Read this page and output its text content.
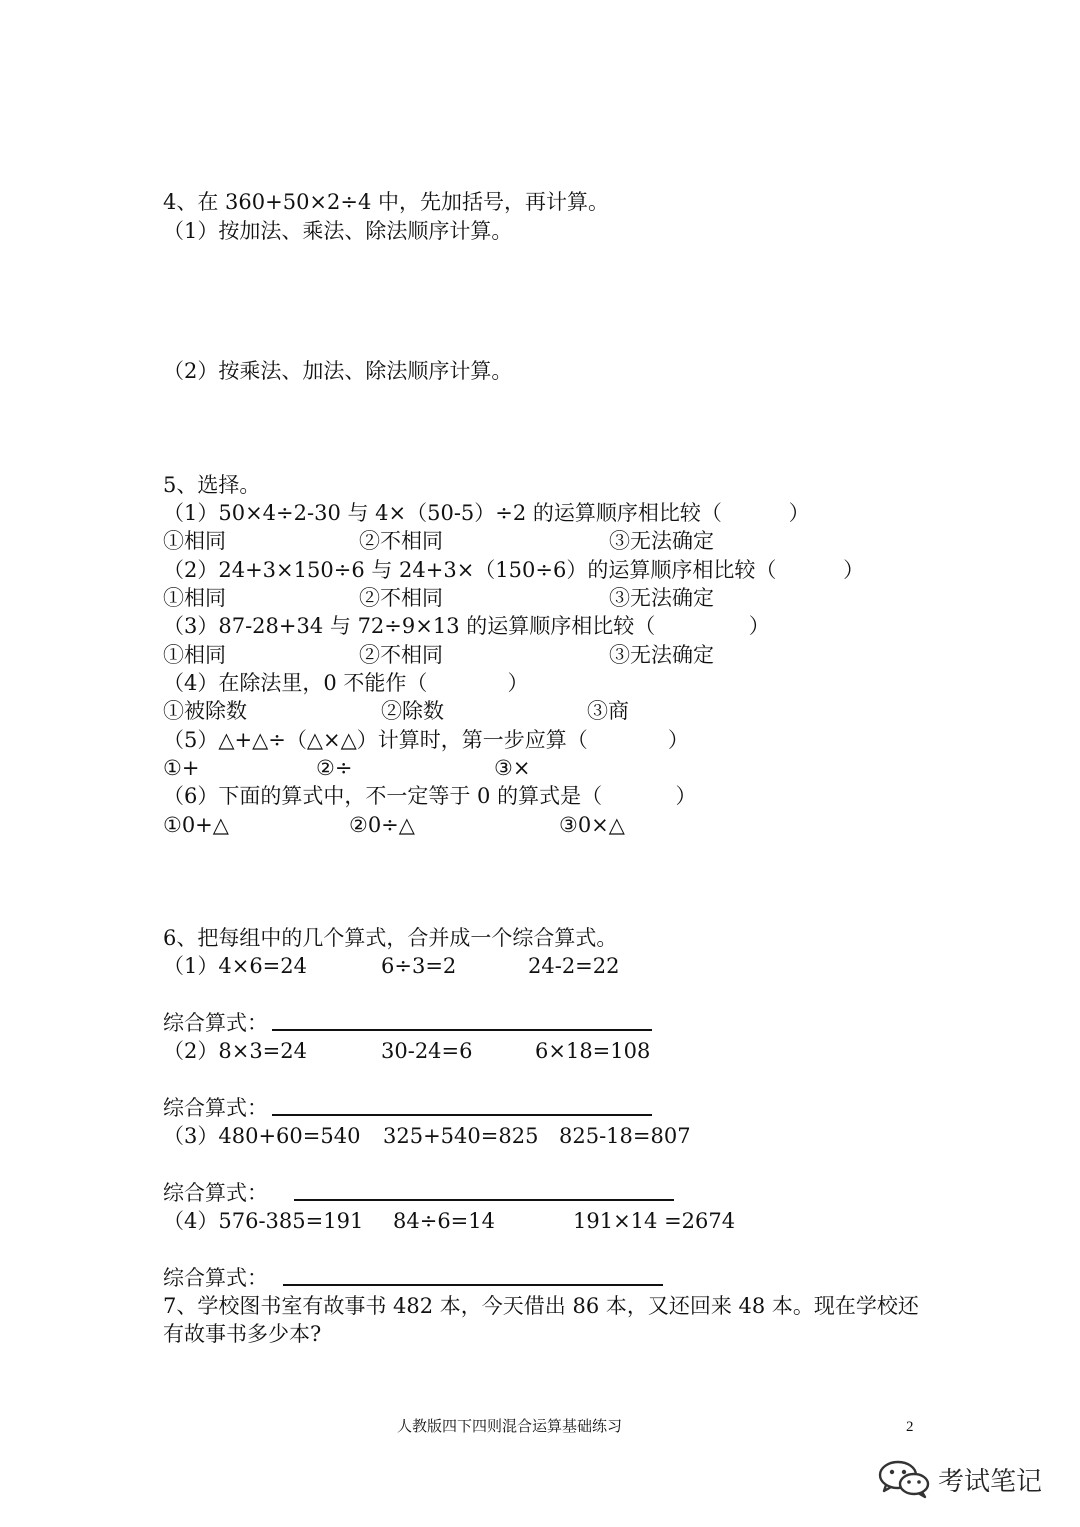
4、在 360+50×2÷4 中，先加括号，再计算。
（1）按加法、乘法、除法顺序计算。
（2）按乘法、加法、除法顺序计算。
5、选择。
（1）50×4÷2-30 与 4×（50-5）÷2 的运算顺序相比较（          ）
①相同	②不相同	③无法确定
（2）24+3×150÷6 与 24+3×（150÷6）的运算顺序相比较（          ）
①相同	②不相同	③无法确定
（3）87-28+34 与 72÷9×13 的运算顺序相比较（              ）
①相同	②不相同	③无法确定
（4）在除法里，0 不能作（            ）
①被除数	②除数	③商
（5）△+△÷（△×△）计算时，第一步应算（            ）
①+	②÷	③×
（6）下面的算式中，不一定等于 0 的算式是（           ）
①0+△	②0÷△	③0×△
6、把每组中的几个算式，合并成一个综合算式。
（1）4×6=24	6÷3=2	24-2=22
综合算式：
（2）8×3=24	30-24=6	6×18=108
综合算式：
（3）480+60=540 325+540=825 825-18=807
综合算式：
（4）576-385=191 84÷6=14	191×14 =2674
综合算式：
7、学校图书室有故事书 482 本，今天借出 86 本，又还回来 48 本。现在学校还
有故事书多少本?
人教版四下四则混合运算基础练习	2
考试笔记
